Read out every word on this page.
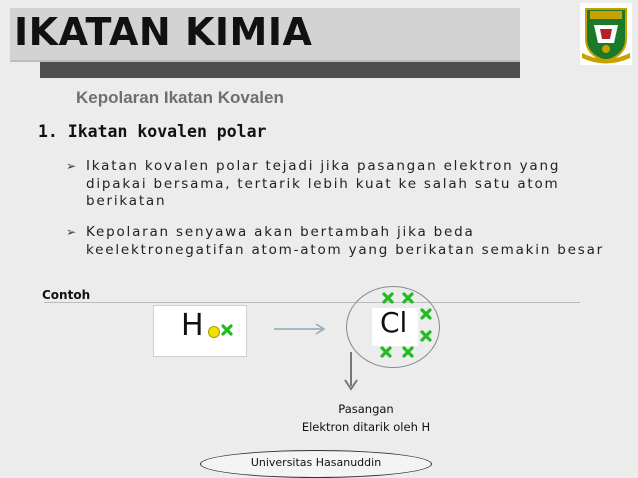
IKATAN KIMIA
Kepolaran Ikatan Kovalen
1. Ikatan kovalen polar
➢ Ikatan kovalen polar tejadi jika pasangan elektron yang dipakai bersama, tertarik lebih kuat ke salah satu atom berikatan
➢ Kepolaran senyawa akan bertambah jika beda keelektronegatifan atom-atom yang berikatan semakin besar
Contoh
H	Cl
Pasangan
Elektron ditarik oleh H
Universitas Hasanuddin
